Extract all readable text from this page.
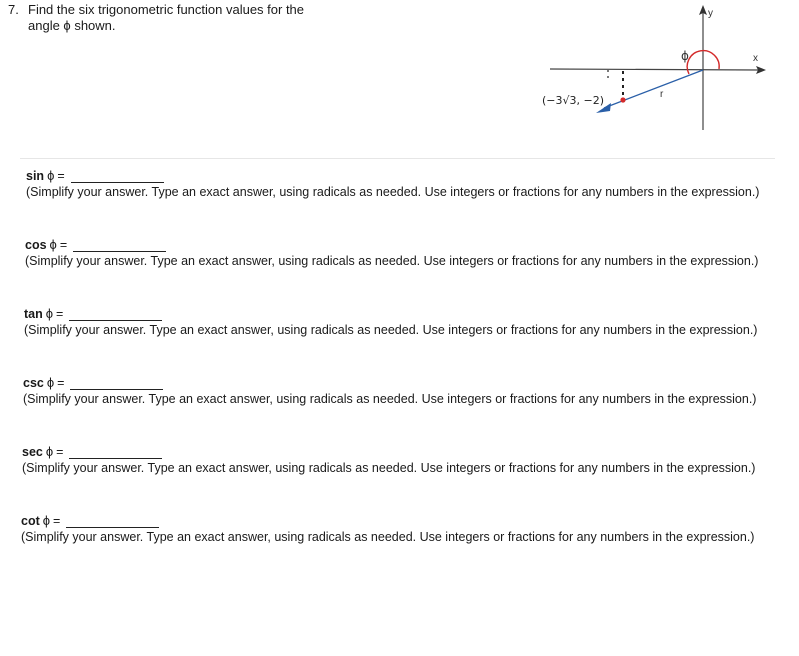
7. Find the six trigonometric function values for the
angle ϕ shown.
y
x
ϕ
r
(−3√3, −2)
sin ϕ =
(Simplify your answer. Type an exact answer, using radicals as needed. Use integers or fractions for any numbers in the expression.)
cos ϕ =
(Simplify your answer. Type an exact answer, using radicals as needed. Use integers or fractions for any numbers in the expression.)
tan ϕ =
(Simplify your answer. Type an exact answer, using radicals as needed. Use integers or fractions for any numbers in the expression.)
csc ϕ =
(Simplify your answer. Type an exact answer, using radicals as needed. Use integers or fractions for any numbers in the expression.)
sec ϕ =
(Simplify your answer. Type an exact answer, using radicals as needed. Use integers or fractions for any numbers in the expression.)
cot ϕ =
(Simplify your answer. Type an exact answer, using radicals as needed. Use integers or fractions for any numbers in the expression.)
